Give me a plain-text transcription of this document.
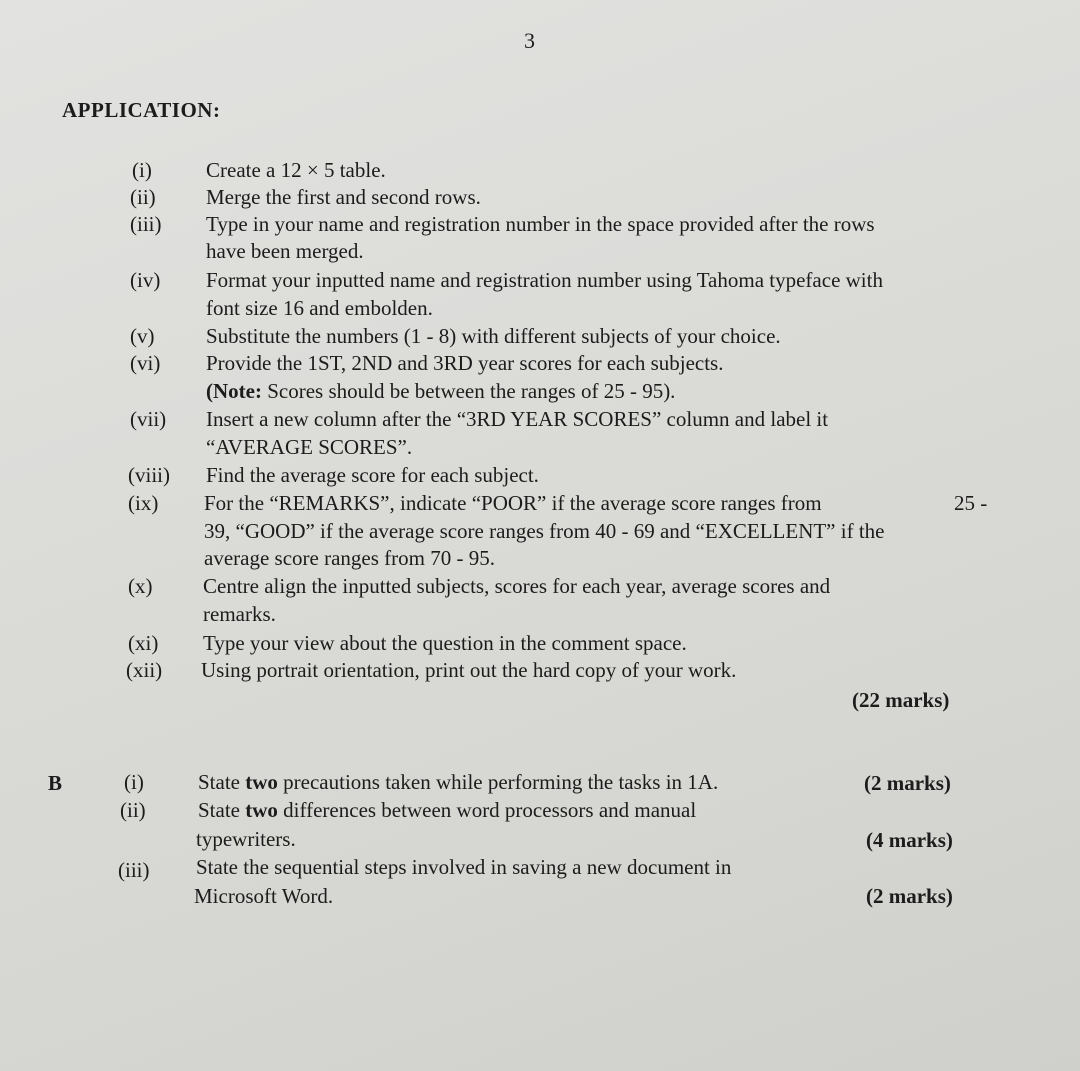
3
APPLICATION:
(i)	Create a 12 × 5 table.
(ii) Merge the first and second rows.
(iii) Type in your name and registration number in the space provided after the rows
have been merged.
(iv) Format your inputted name and registration number using Tahoma typeface with
font size 16 and embolden.
(v) Substitute the numbers (1 - 8) with different subjects of your choice.
(vi) Provide the 1ST, 2ND and 3RD year scores for each subjects.
(Note: Scores should be between the ranges of 25 - 95).
(vii) Insert a new column after the “3RD YEAR SCORES” column and label it
“AVERAGE SCORES”.
(viii) Find the average score for each subject.
(ix) For the “REMARKS”, indicate “POOR” if the average score ranges from	25 -
39, “GOOD” if the average score ranges from 40 - 69 and “EXCELLENT” if the
average score ranges from 70 - 95.
(x) Centre align the inputted subjects, scores for each year, average scores and
remarks.
(xi) Type your view about the question in the comment space.
(xii) Using portrait orientation, print out the hard copy of your work.
(22 marks)
B	(i)	State two precautions taken while performing the tasks in 1A.	(2 marks)
(ii) State two differences between word processors and manual
typewriters.	(4 marks)
(iii) State the sequential steps involved in saving a new document in
Microsoft Word.	(2 marks)
